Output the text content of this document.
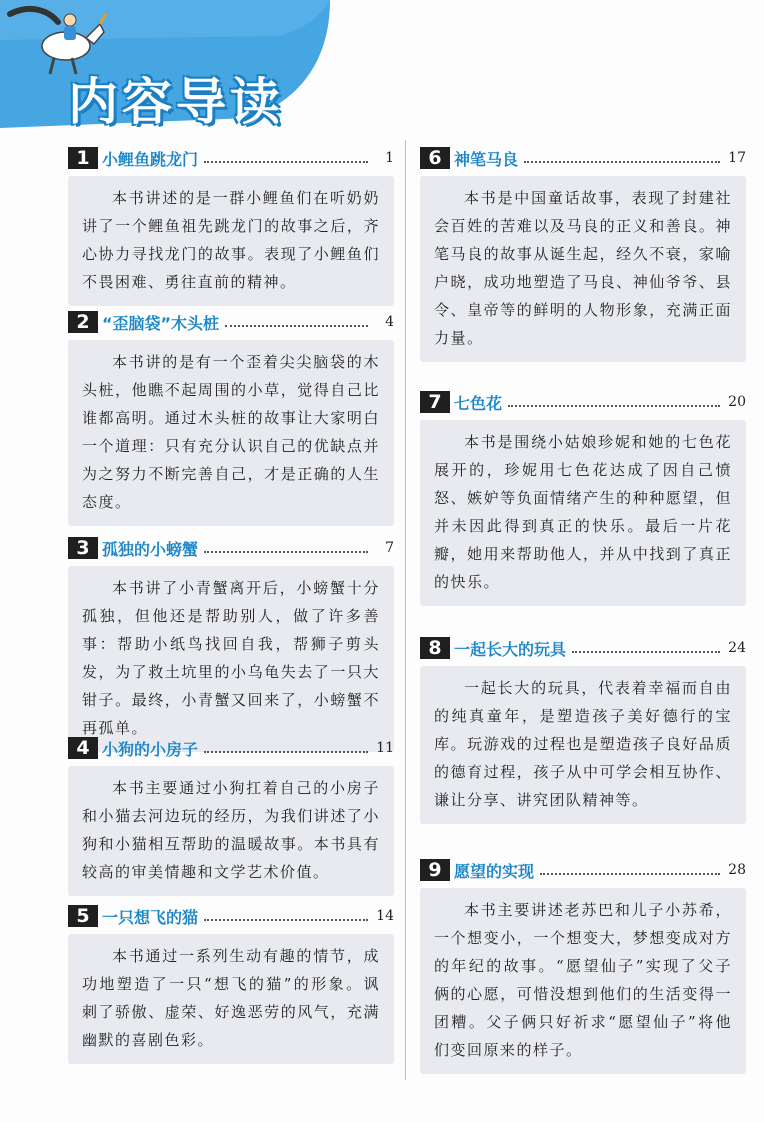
内容导读
1 小鲤鱼跳龙门	1
本书讲述的是一群小鲤鱼们在听奶奶讲了一个鲤鱼祖先跳龙门的故事之后，齐心协力寻找龙门的故事。表现了小鲤鱼们不畏困难、勇往直前的精神。
2 “歪脑袋”木头桩	4
本书讲的是有一个歪着尖尖脑袋的木头桩，他瞧不起周围的小草，觉得自己比谁都高明。通过木头桩的故事让大家明白一个道理：只有充分认识自己的优缺点并为之努力不断完善自己，才是正确的人生态度。
3 孤独的小螃蟹	7
本书讲了小青蟹离开后，小螃蟹十分孤独，但他还是帮助别人，做了许多善事：帮助小纸鸟找回自我，帮狮子剪头发，为了救土坑里的小乌龟失去了一只大钳子。最终，小青蟹又回来了，小螃蟹不再孤单。
4 小狗的小房子	11
本书主要通过小狗扛着自己的小房子和小猫去河边玩的经历，为我们讲述了小狗和小猫相互帮助的温暖故事。本书具有较高的审美情趣和文学艺术价值。
5 一只想飞的猫	14
本书通过一系列生动有趣的情节，成功地塑造了一只“想飞的猫”的形象。讽刺了骄傲、虚荣、好逸恶劳的风气，充满幽默的喜剧色彩。
6 神笔马良	17
本书是中国童话故事，表现了封建社会百姓的苦难以及马良的正义和善良。神笔马良的故事从诞生起，经久不衰，家喻户晓，成功地塑造了马良、神仙爷爷、县令、皇帝等的鲜明的人物形象，充满正面力量。
7 七色花	20
本书是围绕小姑娘珍妮和她的七色花展开的，珍妮用七色花达成了因自己愤怒、嫉妒等负面情绪产生的种种愿望，但并未因此得到真正的快乐。最后一片花瓣，她用来帮助他人，并从中找到了真正的快乐。
8 一起长大的玩具	24
一起长大的玩具，代表着幸福而自由的纯真童年，是塑造孩子美好德行的宝库。玩游戏的过程也是塑造孩子良好品质的德育过程，孩子从中可学会相互协作、谦让分享、讲究团队精神等。
9 愿望的实现	28
本书主要讲述老苏巴和儿子小苏希，一个想变小，一个想变大，梦想变成对方的年纪的故事。“愿望仙子”实现了父子俩的心愿，可惜没想到他们的生活变得一团糟。父子俩只好祈求“愿望仙子”将他们变回原来的样子。
